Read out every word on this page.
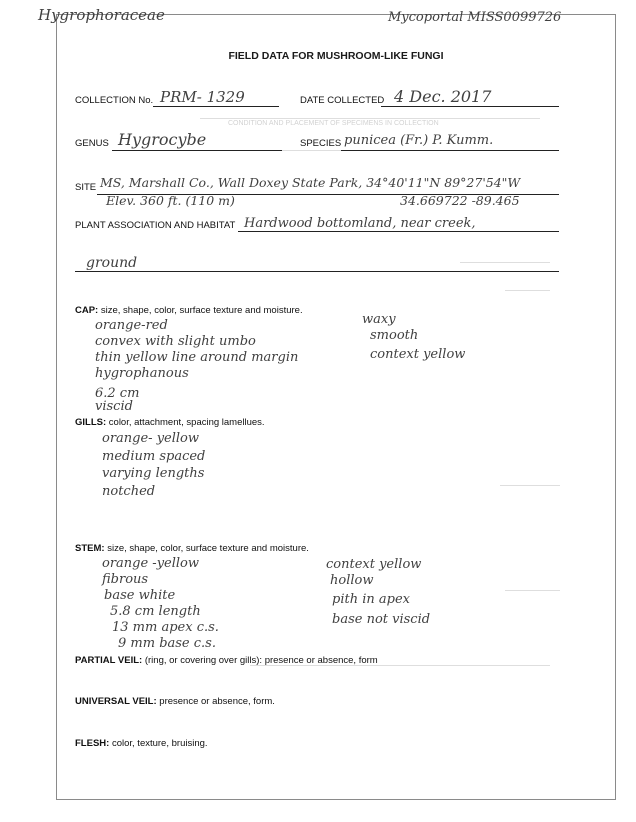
CONDITION AND PLACEMENT OF SPECIMENS IN COLLECTION
Hygrophoraceae	Mycoportal MISS0099726
FIELD DATA FOR MUSHROOM-LIKE FUNGI
COLLECTION No. PRM- 1329	DATE COLLECTED 4 Dec. 2017
GENUS Hygrocybe	SPECIES punicea (Fr.) P. Kumm.
SITE MS, Marshall Co., Wall Doxey State Park, 34°40'11"N 89°27'54"W
Elev. 360 ft. (110 m)	34.669722 -89.465
PLANT ASSOCIATION AND HABITAT Hardwood bottomland, near creek,
ground
CAP: size, shape, color, surface texture and moisture.
orange-red
convex with slight umbo
thin yellow line around margin
hygrophanous
6.2 cm
viscid
waxy
smooth
context yellow
GILLS: color, attachment, spacing lamellues.
orange- yellow
medium spaced
varying lengths
notched
STEM: size, shape, color, surface texture and moisture.
orange -yellow
fibrous
base white
5.8 cm length
13 mm apex c.s.
9 mm base c.s.
context yellow
hollow
pith in apex
base not viscid
PARTIAL VEIL: (ring, or covering over gills): presence or absence, form
UNIVERSAL VEIL: presence or absence, form.
FLESH: color, texture, bruising.
